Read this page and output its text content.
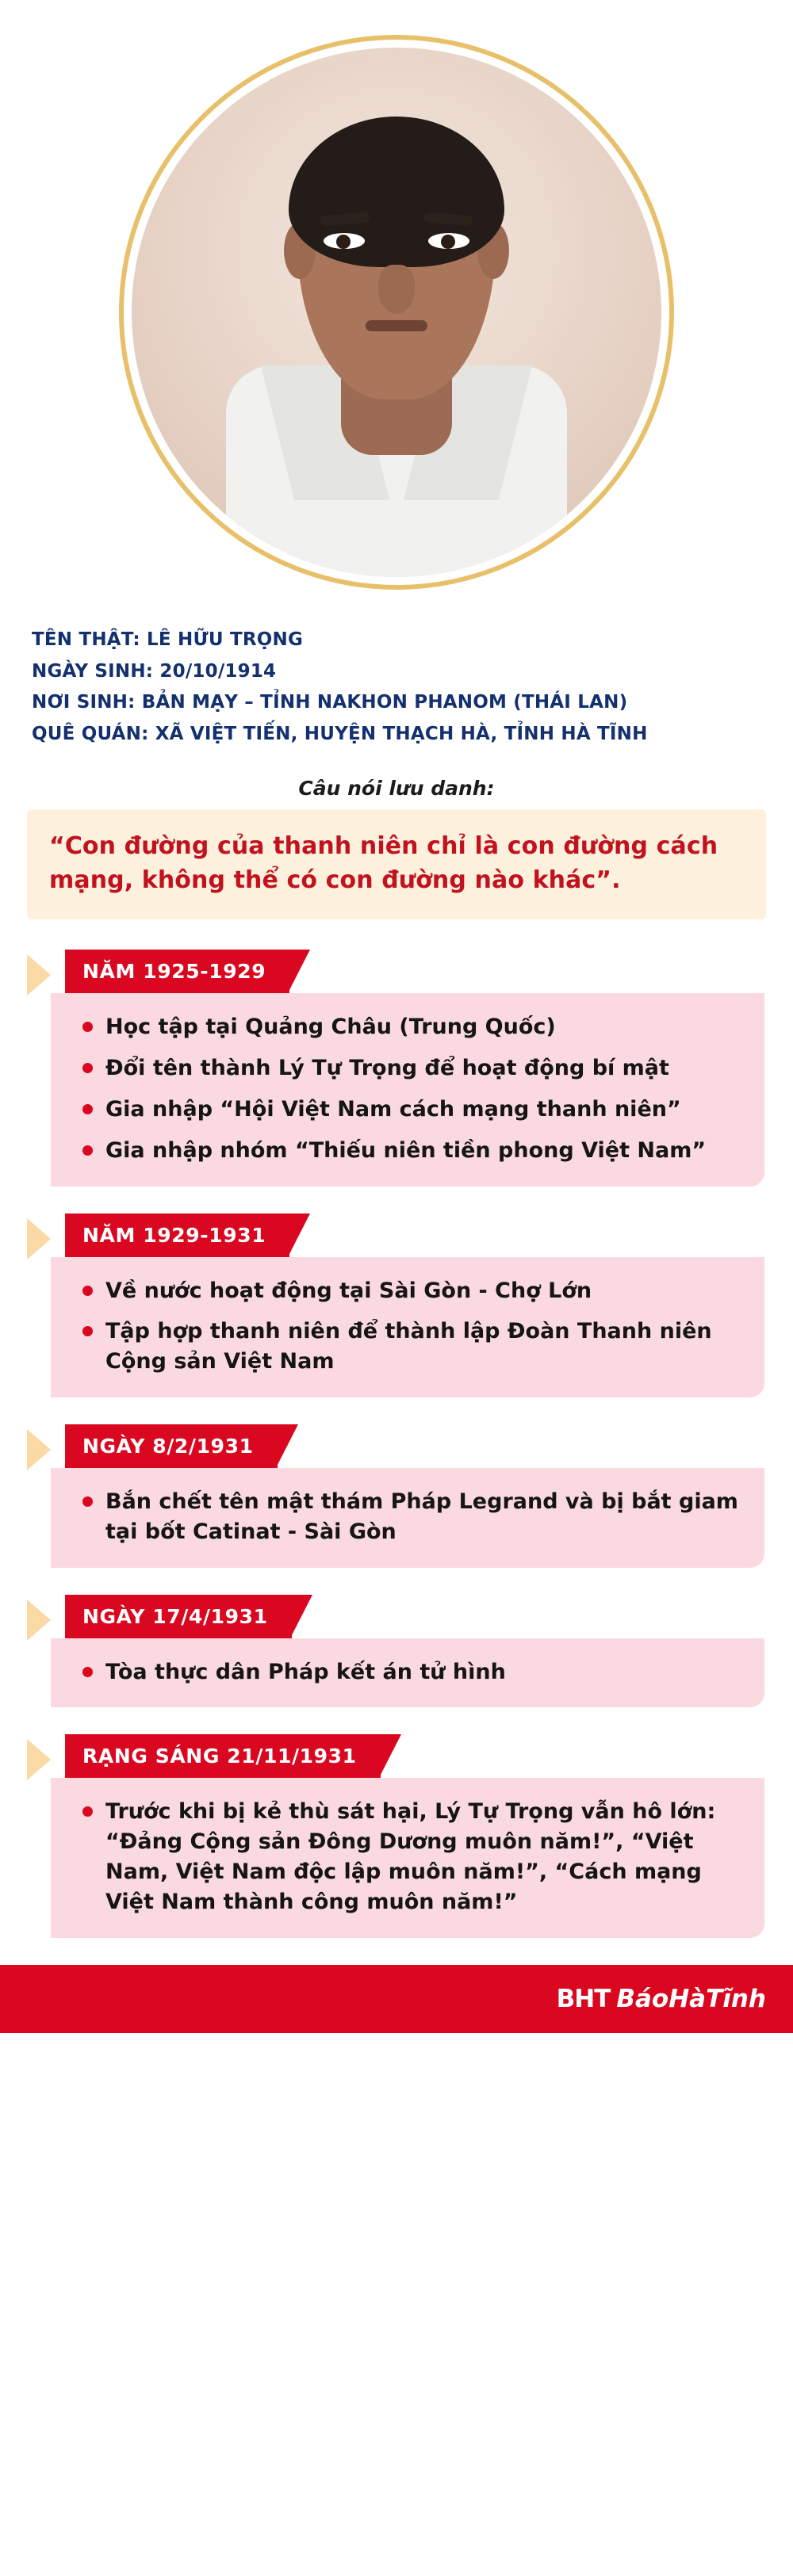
TÊN THẬT: LÊ HỮU TRỌNG
NGÀY SINH: 20/10/1914
NƠI SINH: BẢN MẠY – TỈNH NAKHON PHANOM (THÁI LAN)
QUÊ QUÁN: XÃ VIỆT TIẾN, HUYỆN THẠCH HÀ, TỈNH HÀ TĨNH
Câu nói lưu danh:
“Con đường của thanh niên chỉ là con đường cách mạng, không thể có con đường nào khác”.
NĂM 1925-1929
Học tập tại Quảng Châu (Trung Quốc)
Đổi tên thành Lý Tự Trọng để hoạt động bí mật
Gia nhập “Hội Việt Nam cách mạng thanh niên”
Gia nhập nhóm “Thiếu niên tiền phong Việt Nam”
NĂM 1929-1931
Về nước hoạt động tại Sài Gòn - Chợ Lớn
Tập hợp thanh niên để thành lập Đoàn Thanh niên Cộng sản Việt Nam
NGÀY 8/2/1931
Bắn chết tên mật thám Pháp Legrand và bị bắt giam tại bốt Catinat - Sài Gòn
NGÀY 17/4/1931
Tòa thực dân Pháp kết án tử hình
RẠNG SÁNG 21/11/1931
Trước khi bị kẻ thù sát hại, Lý Tự Trọng vẫn hô lớn: “Đảng Cộng sản Đông Dương muôn năm!”, “Việt Nam, Việt Nam độc lập muôn năm!”, “Cách mạng Việt Nam thành công muôn năm!”
BHT BáoHàTĩnh
